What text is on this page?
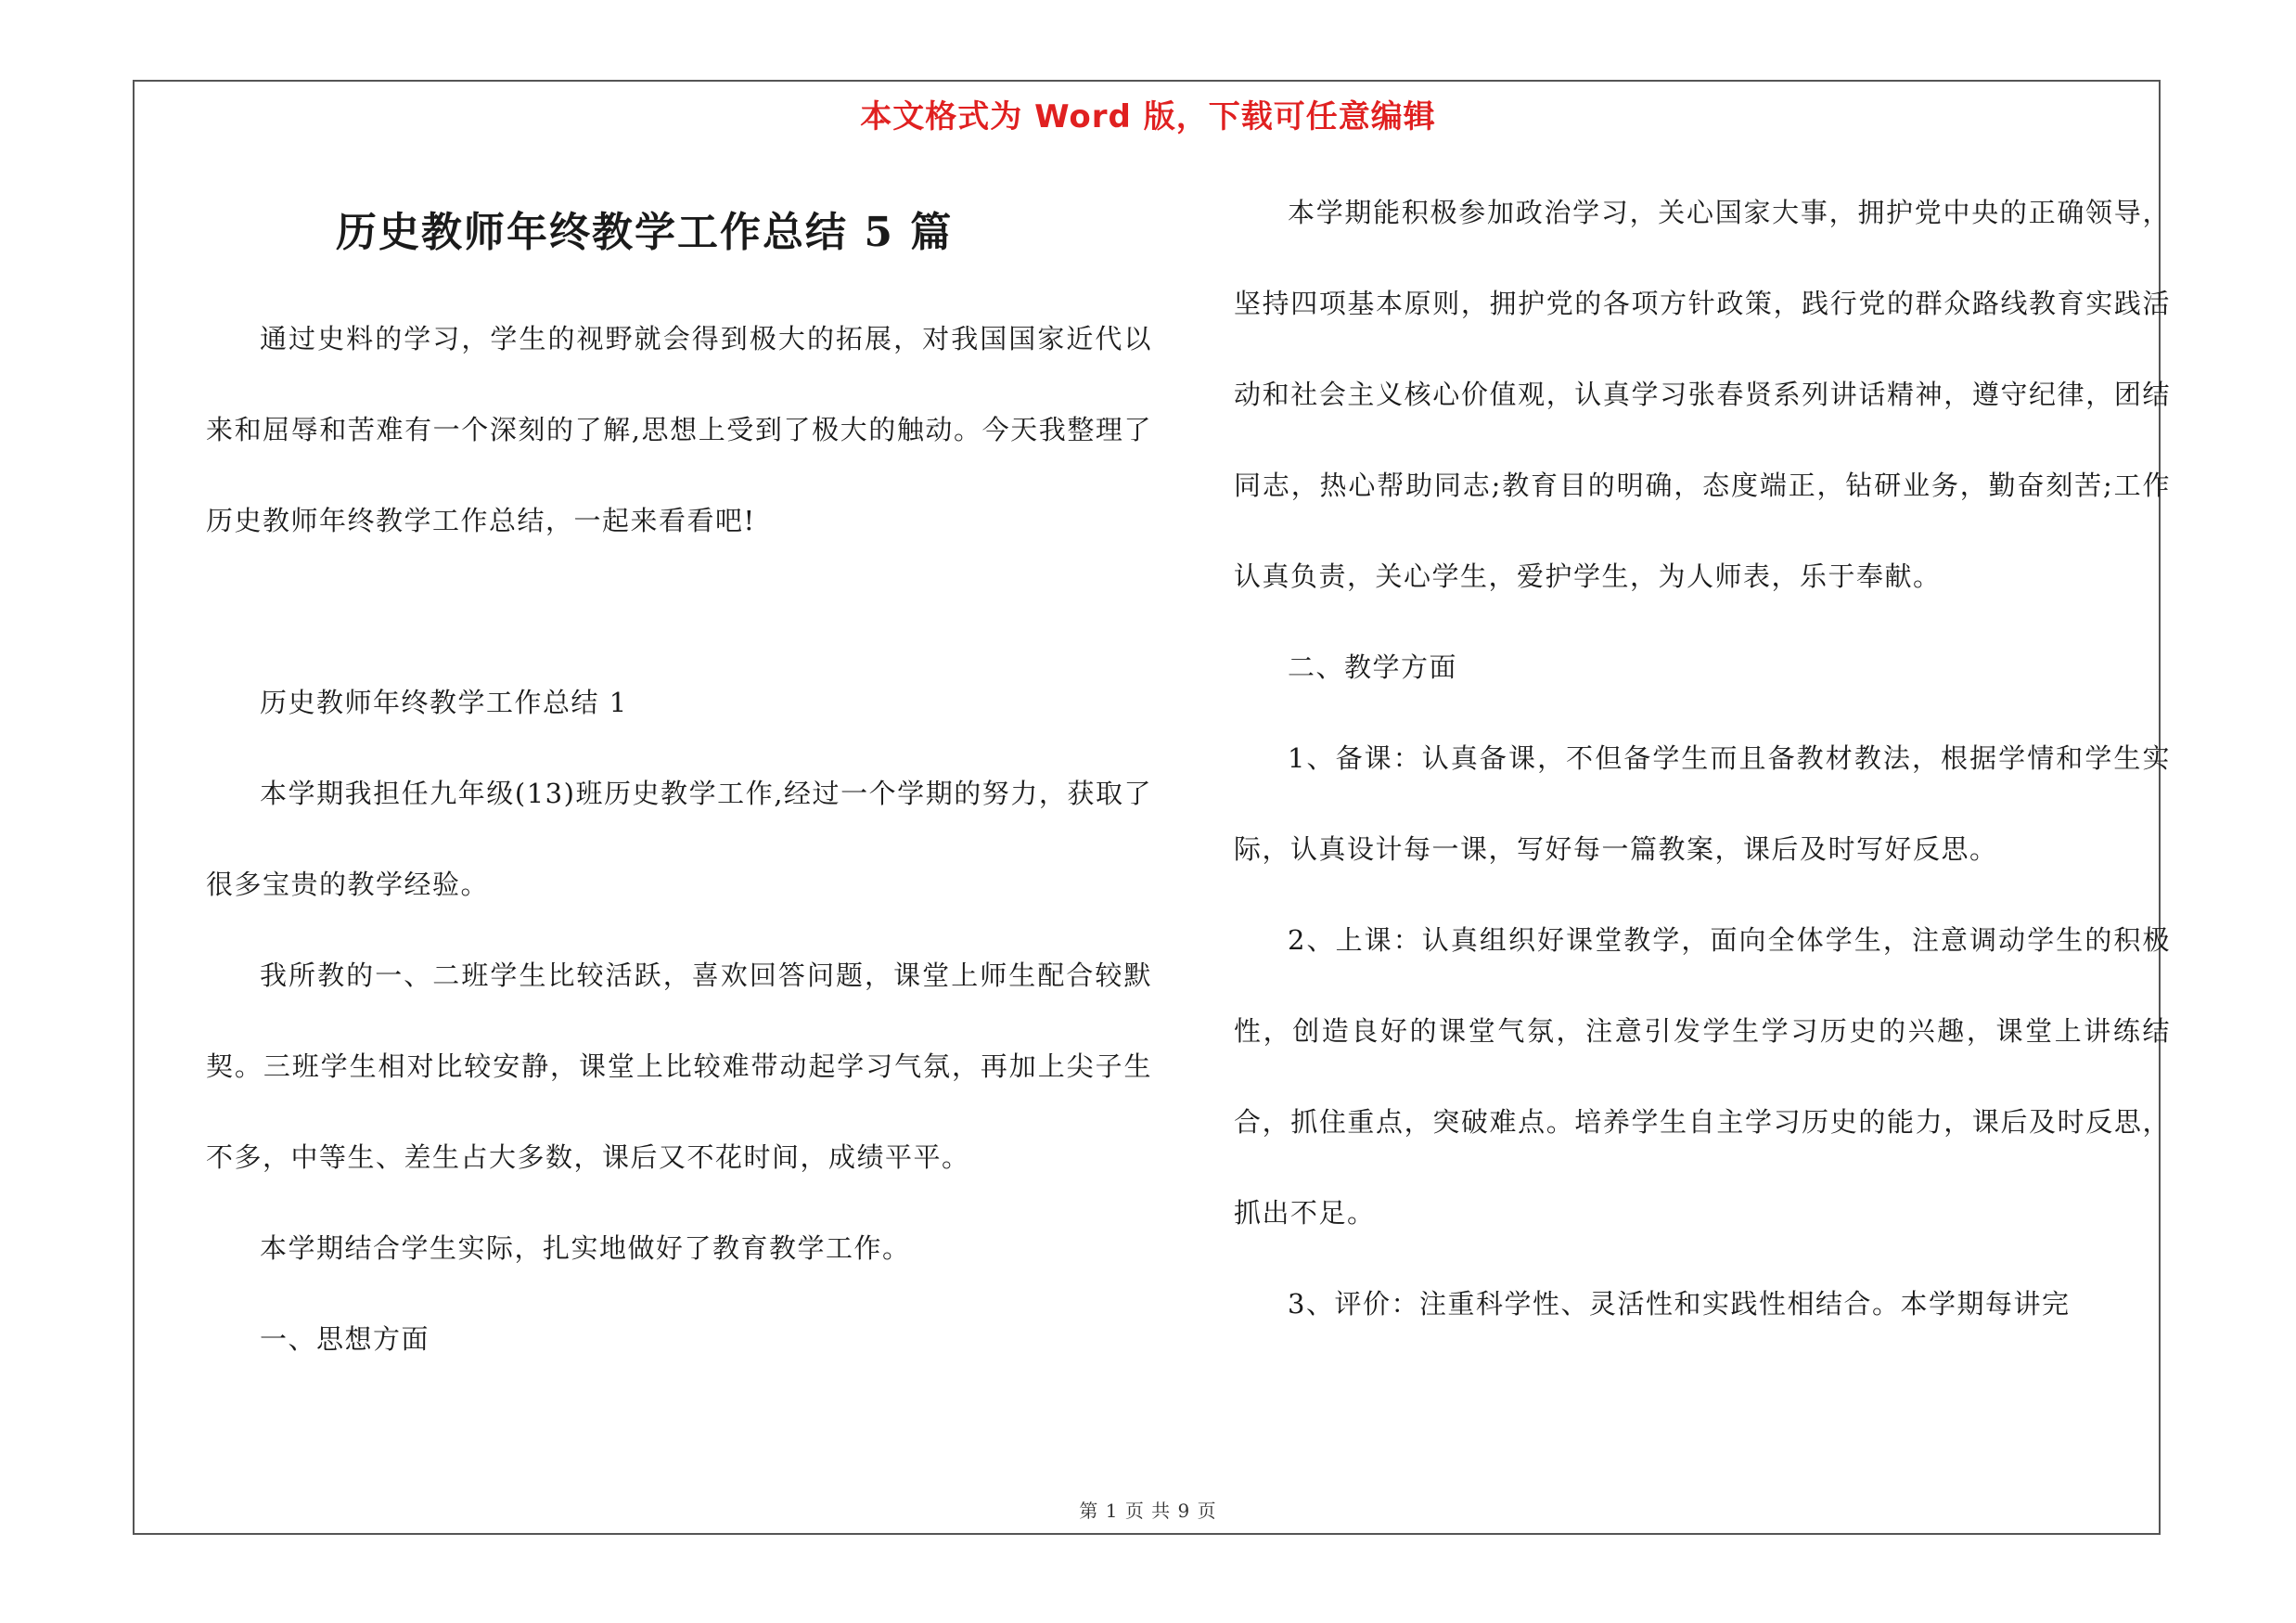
本文格式为 Word 版，下载可任意编辑
历史教师年终教学工作总结 5 篇

通过史料的学习，学生的视野就会得到极大的拓展，对我国国家近代以来和屈辱和苦难有一个深刻的了解,思想上受到了极大的触动。今天我整理了历史教师年终教学工作总结，一起来看看吧!

历史教师年终教学工作总结 1

本学期我担任九年级(13)班历史教学工作,经过一个学期的努力，获取了很多宝贵的教学经验。

我所教的一、二班学生比较活跃，喜欢回答问题，课堂上师生配合较默契。三班学生相对比较安静，课堂上比较难带动起学习气氛，再加上尖子生不多，中等生、差生占大多数，课后又不花时间，成绩平平。

本学期结合学生实际，扎实地做好了教育教学工作。

一、思想方面

本学期能积极参加政治学习，关心国家大事，拥护党中央的正确领导，坚持四项基本原则，拥护党的各项方针政策，践行党的群众路线教育实践活动和社会主义核心价值观，认真学习张春贤系列讲话精神，遵守纪律，团结同志，热心帮助同志;教育目的明确，态度端正，钻研业务，勤奋刻苦;工作认真负责，关心学生，爱护学生，为人师表，乐于奉献。

二、教学方面

1、备课：认真备课，不但备学生而且备教材教法，根据学情和学生实际，认真设计每一课，写好每一篇教案，课后及时写好反思。

2、上课：认真组织好课堂教学，面向全体学生，注意调动学生的积极性，创造良好的课堂气氛，注意引发学生学习历史的兴趣，课堂上讲练结合，抓住重点，突破难点。培养学生自主学习历史的能力，课后及时反思，抓出不足。

3、评价：注重科学性、灵活性和实践性相结合。本学期每讲完

第 1 页 共 9 页
